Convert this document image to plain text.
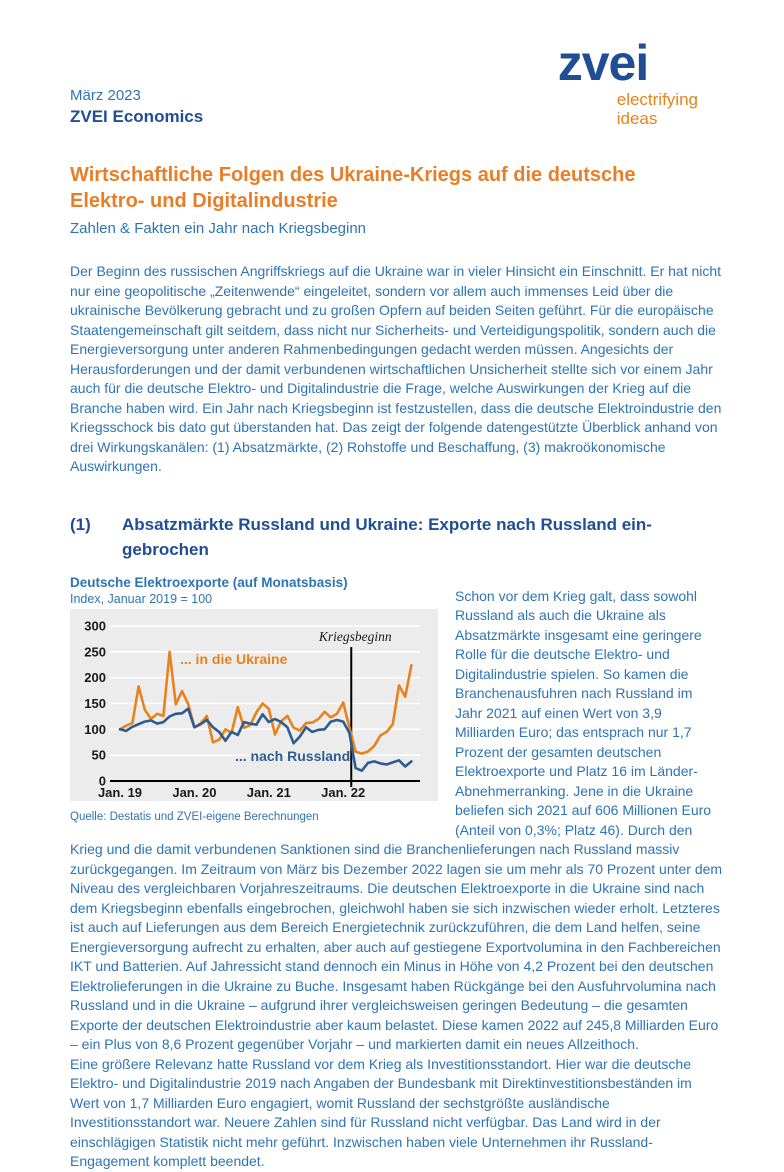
zvei
electrifying
ideas
März 2023
ZVEI Economics
Wirtschaftliche Folgen des Ukraine-Kriegs auf die deutsche
Elektro- und Digitalindustrie
Zahlen & Fakten ein Jahr nach Kriegsbeginn

Der Beginn des russischen Angriffskriegs auf die Ukraine war in vieler Hinsicht ein Einschnitt. Er hat nicht nur eine geopolitische „Zeitenwende“ eingeleitet, sondern vor allem auch immenses Leid über die ukrainische Bevölkerung gebracht und zu großen Opfern auf beiden Seiten geführt. Für die europäische Staatengemeinschaft gilt seitdem, dass nicht nur Sicherheits- und Verteidigungspolitik, sondern auch die Energieversorgung unter anderen Rahmenbedingungen gedacht werden müssen. Angesichts der Herausforderungen und der damit verbundenen wirtschaftlichen Unsicherheit stellte sich vor einem Jahr auch für die deutsche Elektro- und Digitalindustrie die Frage, welche Auswirkungen der Krieg auf die Branche haben wird. Ein Jahr nach Kriegsbeginn ist festzustellen, dass die deutsche Elektroindustrie den Kriegsschock bis dato gut überstanden hat. Das zeigt der folgende datengestützte Überblick anhand von drei Wirkungskanälen: (1) Absatzmärkte, (2) Rohstoffe und Beschaffung, (3) makroökonomische Auswirkungen.

(1)	Absatzmärkte Russland und Ukraine: Exporte nach Russland ein-
gebrochen
Deutsche Elektroexporte (auf Monatsbasis)
Index, Januar 2019 = 100
0
50
100
150
200
250
300
Jan. 19 Jan. 20 Jan. 21 Jan. 22
Kriegsbeginn
... in die Ukraine
... nach Russland
Quelle: Destatis und ZVEI-eigene Berechnungen

Schon vor dem Krieg galt, dass sowohl Russland als auch die Ukraine als Absatzmärkte insgesamt eine geringere Rolle für die deutsche Elektro- und Digitalindustrie spielen. So kamen die Branchenausfuhren nach Russland im Jahr 2021 auf einen Wert von 3,9 Milliarden Euro; das entsprach nur 1,7 Prozent der gesamten deutschen Elektroexporte und Platz 16 im Länder-Abnehmerranking. Jene in die Ukraine beliefen sich 2021 auf 606 Millionen Euro (Anteil von 0,3%; Platz 46). Durch den Krieg und die damit verbundenen Sanktionen sind die Branchenlieferungen nach Russland massiv zurückgegangen. Im Zeitraum von März bis Dezember 2022 lagen sie um mehr als 70 Prozent unter dem Niveau des vergleichbaren Vorjahreszeitraums. Die deutschen Elektroexporte in die Ukraine sind nach dem Kriegsbeginn ebenfalls eingebrochen, gleichwohl haben sie sich inzwischen wieder erholt. Letzteres ist auch auf Lieferungen aus dem Bereich Energietechnik zurückzuführen, die dem Land helfen, seine Energieversorgung aufrecht zu erhalten, aber auch auf gestiegene Exportvolumina in den Fachbereichen IKT und Batterien. Auf Jahressicht stand dennoch ein Minus in Höhe von 4,2 Prozent bei den deutschen Elektrolieferungen in die Ukraine zu Buche. Insgesamt haben Rückgänge bei den Ausfuhrvolumina nach Russland und in die Ukraine – aufgrund ihrer vergleichsweisen geringen Bedeutung – die gesamten Exporte der deutschen Elektroindustrie aber kaum belastet. Diese kamen 2022 auf 245,8 Milliarden Euro – ein Plus von 8,6 Prozent gegenüber Vorjahr – und markierten damit ein neues Allzeithoch.

Eine größere Relevanz hatte Russland vor dem Krieg als Investitionsstandort. Hier war die deutsche Elektro- und Digitalindustrie 2019 nach Angaben der Bundesbank mit Direktinvestitionsbeständen im Wert von 1,7 Milliarden Euro engagiert, womit Russland der sechstgrößte ausländische Investitionsstandort war. Neuere Zahlen sind für Russland nicht verfügbar. Das Land wird in der einschlägigen Statistik nicht mehr geführt. Inzwischen haben viele Unternehmen ihr Russland-Engagement komplett beendet.
